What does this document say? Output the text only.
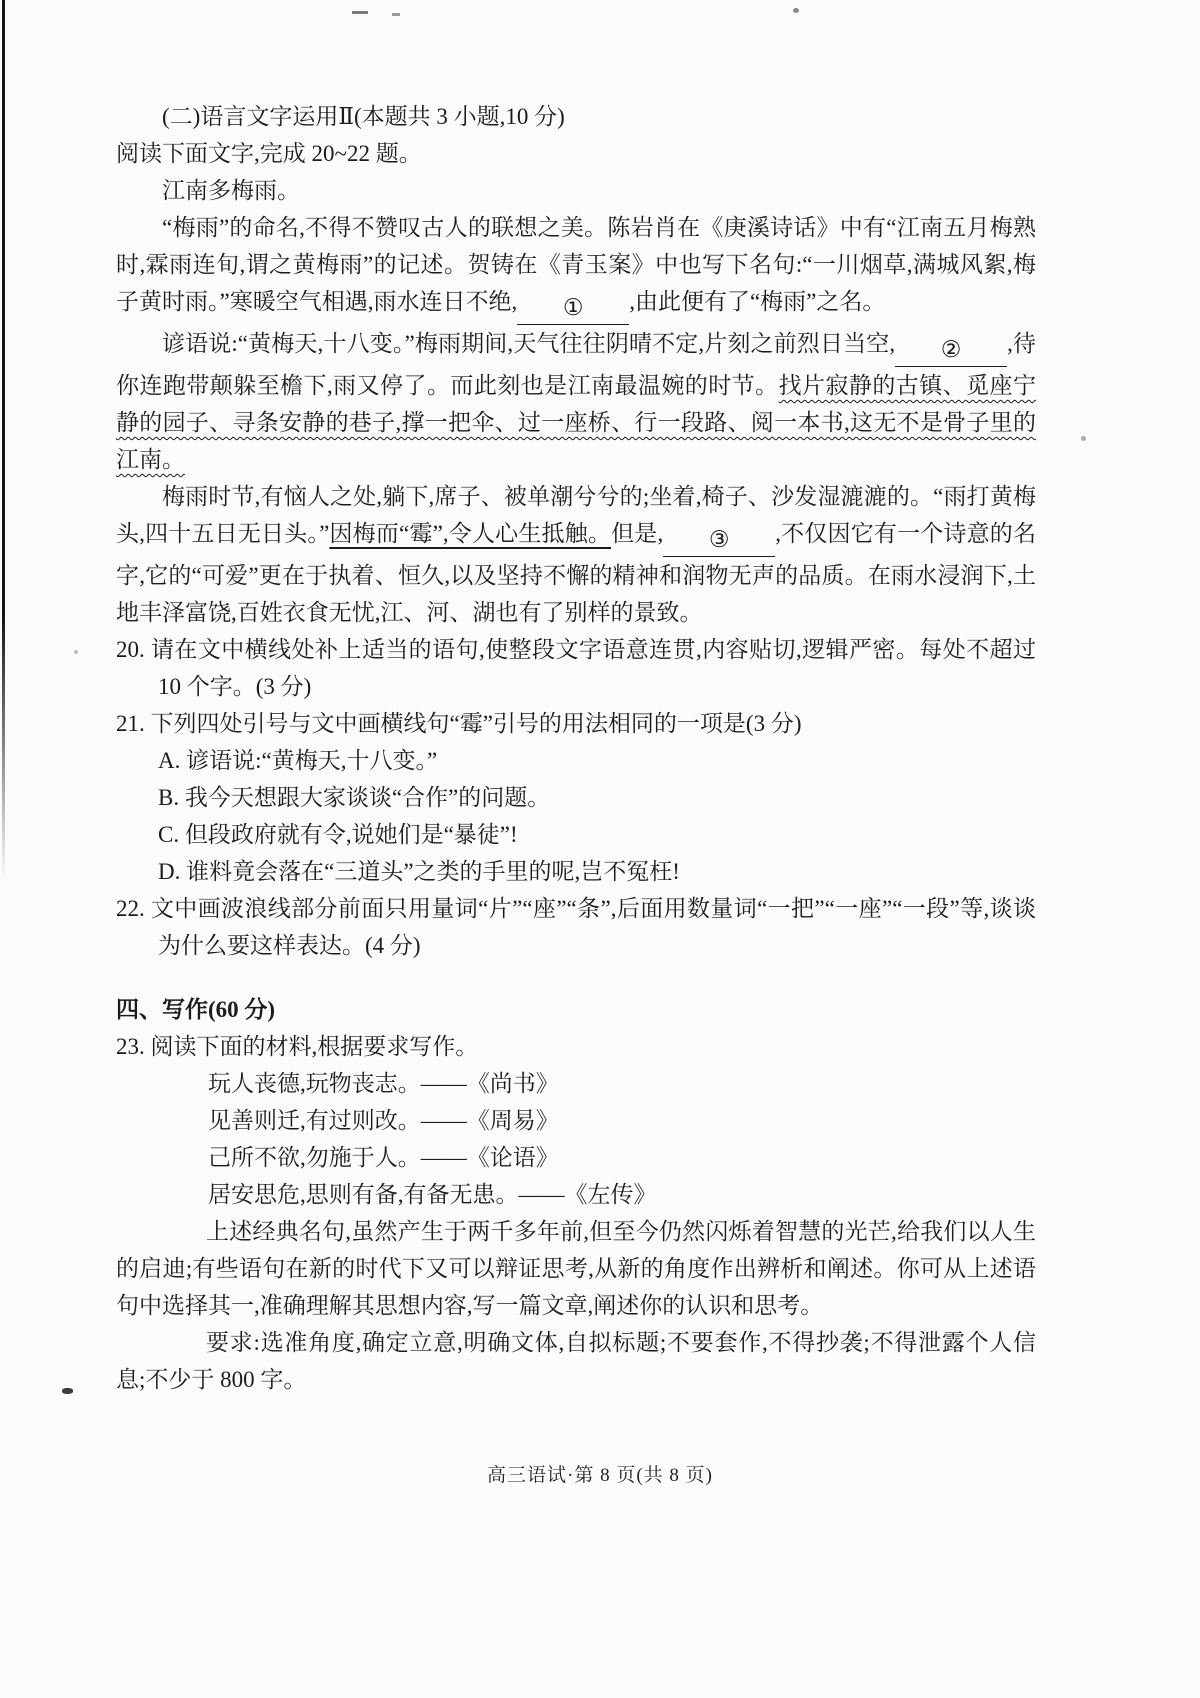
(二)语言文字运用Ⅱ(本题共 3 小题,10 分)

阅读下面文字,完成 20~22 题。

江南多梅雨。

“梅雨”的命名,不得不赞叹古人的联想之美。陈岩肖在《庚溪诗话》中有“江南五月梅熟时,霖雨连旬,谓之黄梅雨”的记述。贺铸在《青玉案》中也写下名句:“一川烟草,满城风絮,梅子黄时雨。”寒暖空气相遇,雨水连日不绝, ① ,由此便有了“梅雨”之名。

谚语说:“黄梅天,十八变。”梅雨期间,天气往往阴晴不定,片刻之前烈日当空, ② ,待你连跑带颠躲至檐下,雨又停了。而此刻也是江南最温婉的时节。找片寂静的古镇、觅座宁静的园子、寻条安静的巷子,撑一把伞、过一座桥、行一段路、阅一本书,这无不是骨子里的江南。

梅雨时节,有恼人之处,躺下,席子、被单潮兮兮的;坐着,椅子、沙发湿漉漉的。“雨打黄梅头,四十五日无日头。”因梅而“霉”,令人心生抵触。但是, ③ ,不仅因它有一个诗意的名字,它的“可爱”更在于执着、恒久,以及坚持不懈的精神和润物无声的品质。在雨水浸润下,土地丰泽富饶,百姓衣食无忧,江、河、湖也有了别样的景致。

20. 请在文中横线处补上适当的语句,使整段文字语意连贯,内容贴切,逻辑严密。每处不超过 10 个字。(3 分)
21. 下列四处引号与文中画横线句“霉”引号的用法相同的一项是(3 分)
A. 谚语说:“黄梅天,十八变。”
B. 我今天想跟大家谈谈“合作”的问题。
C. 但段政府就有令,说她们是“暴徒”!
D. 谁料竟会落在“三道头”之类的手里的呢,岂不冤枉!
22. 文中画波浪线部分前面只用量词“片”“座”“条”,后面用数量词“一把”“一座”“一段”等,谈谈为什么要这样表达。(4 分)

四、写作(60 分)

23. 阅读下面的材料,根据要求写作。
玩人丧德,玩物丧志。——《尚书》
见善则迁,有过则改。——《周易》
己所不欲,勿施于人。——《论语》
居安思危,思则有备,有备无患。——《左传》

上述经典名句,虽然产生于两千多年前,但至今仍然闪烁着智慧的光芒,给我们以人生的启迪;有些语句在新的时代下又可以辩证思考,从新的角度作出辨析和阐述。你可从上述语句中选择其一,准确理解其思想内容,写一篇文章,阐述你的认识和思考。

要求:选准角度,确定立意,明确文体,自拟标题;不要套作,不得抄袭;不得泄露个人信息;不少于 800 字。

高三语试·第 8 页(共 8 页)
